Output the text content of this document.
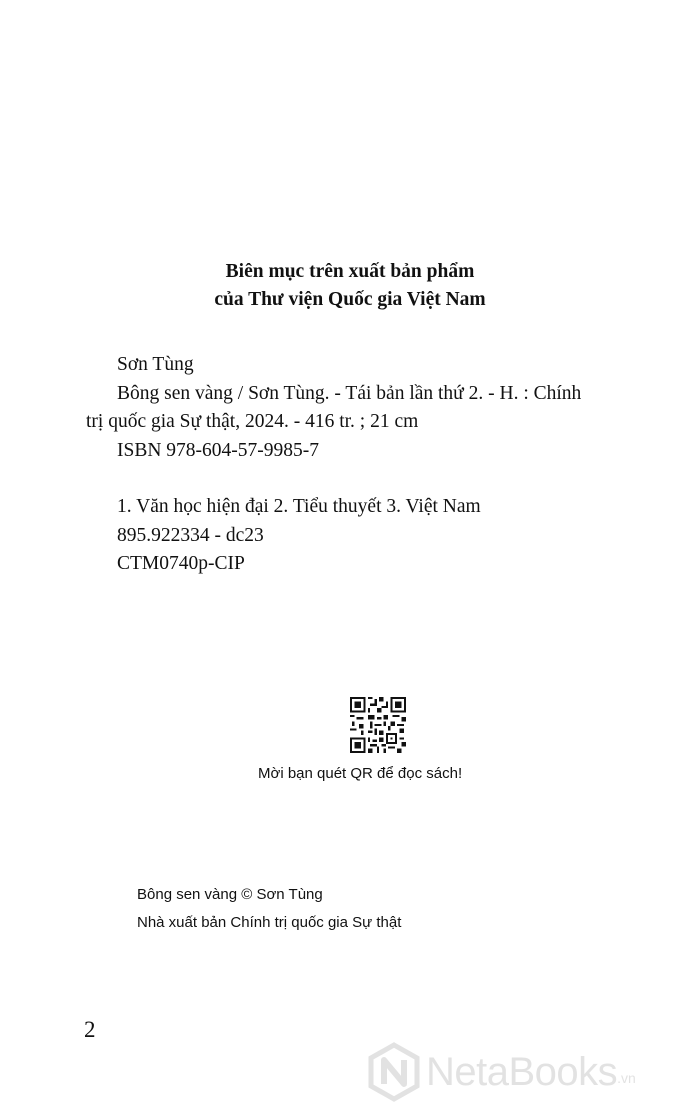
Biên mục trên xuất bản phẩm
của Thư viện Quốc gia Việt Nam
Sơn Tùng
Bông sen vàng / Sơn Tùng. - Tái bản lần thứ 2. - H. : Chính
trị quốc gia Sự thật, 2024. - 416 tr. ; 21 cm
ISBN 978-604-57-9985-7
1. Văn học hiện đại 2. Tiểu thuyết 3. Việt Nam
895.922334 - dc23
CTM0740p-CIP
Mời bạn quét QR để đọc sách!
Bông sen vàng © Sơn Tùng
Nhà xuất bản Chính trị quốc gia Sự thật
2
NetaBooks .vn
